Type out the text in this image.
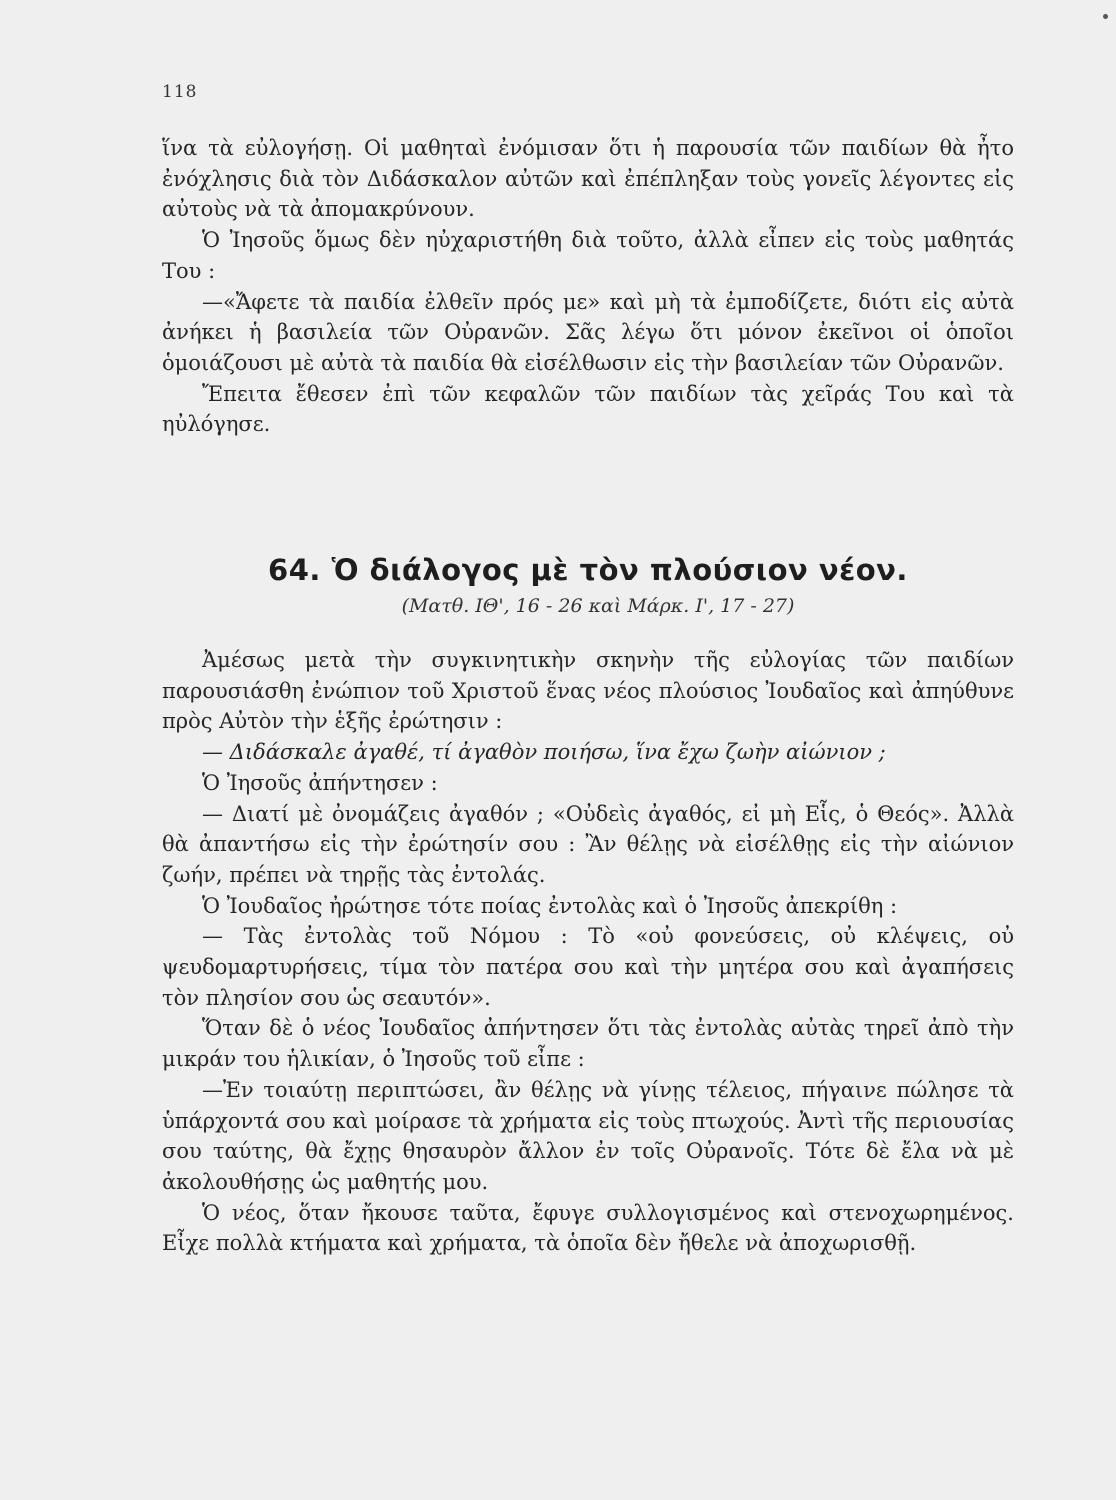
118

ἵνα τὰ εὐλογήσῃ. Οἱ μαθηταὶ ἐνόμισαν ὅτι ἡ παρουσία τῶν παιδίων θὰ ἦτο ἐνόχλησις διὰ τὸν Διδάσκαλον αὐτῶν καὶ ἐπέπληξαν τοὺς γονεῖς λέγοντες εἰς αὐτοὺς νὰ τὰ ἀπομακρύνουν.

Ὁ Ἰησοῦς ὅμως δὲν ηὐχαριστήθη διὰ τοῦτο, ἀλλὰ εἶπεν εἰς τοὺς μαθητάς Του :

—«Ἄφετε τὰ παιδία ἐλθεῖν πρός με» καὶ μὴ τὰ ἐμποδίζετε, διότι εἰς αὐτὰ ἀνήκει ἡ βασιλεία τῶν Οὐρανῶν. Σᾶς λέγω ὅτι μόνον ἐκεῖνοι οἱ ὁποῖοι ὁμοιάζουσι μὲ αὐτὰ τὰ παιδία θὰ εἰσέλθωσιν εἰς τὴν βασιλείαν τῶν Οὐρανῶν.

Ἔπειτα ἔθεσεν ἐπὶ τῶν κεφαλῶν τῶν παιδίων τὰς χεῖράς Του καὶ τὰ ηὐλόγησε.

64. Ὁ διάλογος μὲ τὸν πλούσιον νέον.
(Ματθ. ΙΘ', 16 - 26 καὶ Μάρκ. Ι', 17 - 27)

Ἀμέσως μετὰ τὴν συγκινητικὴν σκηνὴν τῆς εὐλογίας τῶν παιδίων παρουσιάσθη ἐνώπιον τοῦ Χριστοῦ ἕνας νέος πλούσιος Ἰουδαῖος καὶ ἀπηύθυνε πρὸς Αὐτὸν τὴν ἑξῆς ἐρώτησιν :

— Διδάσκαλε ἀγαθέ, τί ἀγαθὸν ποιήσω, ἵνα ἔχω ζωὴν αἰώνιον ;

Ὁ Ἰησοῦς ἀπήντησεν :

— Διατί μὲ ὀνομάζεις ἀγαθόν ; «Οὐδεὶς ἀγαθός, εἰ μὴ Εἷς, ὁ Θεός». Ἀλλὰ θὰ ἀπαντήσω εἰς τὴν ἐρώτησίν σου : Ἂν θέλῃς νὰ εἰσέλθῃς εἰς τὴν αἰώνιον ζωήν, πρέπει νὰ τηρῇς τὰς ἐντολάς.

Ὁ Ἰουδαῖος ἠρώτησε τότε ποίας ἐντολὰς καὶ ὁ Ἰησοῦς ἀπεκρίθη :

— Τὰς ἐντολὰς τοῦ Νόμου : Τὸ «οὐ φονεύσεις, οὐ κλέψεις, οὐ ψευδομαρτυρήσεις, τίμα τὸν πατέρα σου καὶ τὴν μητέρα σου καὶ ἀγαπήσεις τὸν πλησίον σου ὡς σεαυτόν».

Ὅταν δὲ ὁ νέος Ἰουδαῖος ἀπήντησεν ὅτι τὰς ἐντολὰς αὐτὰς τηρεῖ ἀπὸ τὴν μικράν του ἡλικίαν, ὁ Ἰησοῦς τοῦ εἶπε :

—Ἐν τοιαύτῃ περιπτώσει, ἂν θέλῃς νὰ γίνῃς τέλειος, πήγαινε πώλησε τὰ ὑπάρχοντά σου καὶ μοίρασε τὰ χρήματα εἰς τοὺς πτωχούς. Ἀντὶ τῆς περιουσίας σου ταύτης, θὰ ἔχῃς θησαυρὸν ἄλλον ἐν τοῖς Οὐρανοῖς. Τότε δὲ ἔλα νὰ μὲ ἀκολουθήσῃς ὡς μαθητής μου.

Ὁ νέος, ὅταν ἤκουσε ταῦτα, ἔφυγε συλλογισμένος καὶ στενοχωρημένος. Εἶχε πολλὰ κτήματα καὶ χρήματα, τὰ ὁποῖα δὲν ἤθελε νὰ ἀποχωρισθῇ.
